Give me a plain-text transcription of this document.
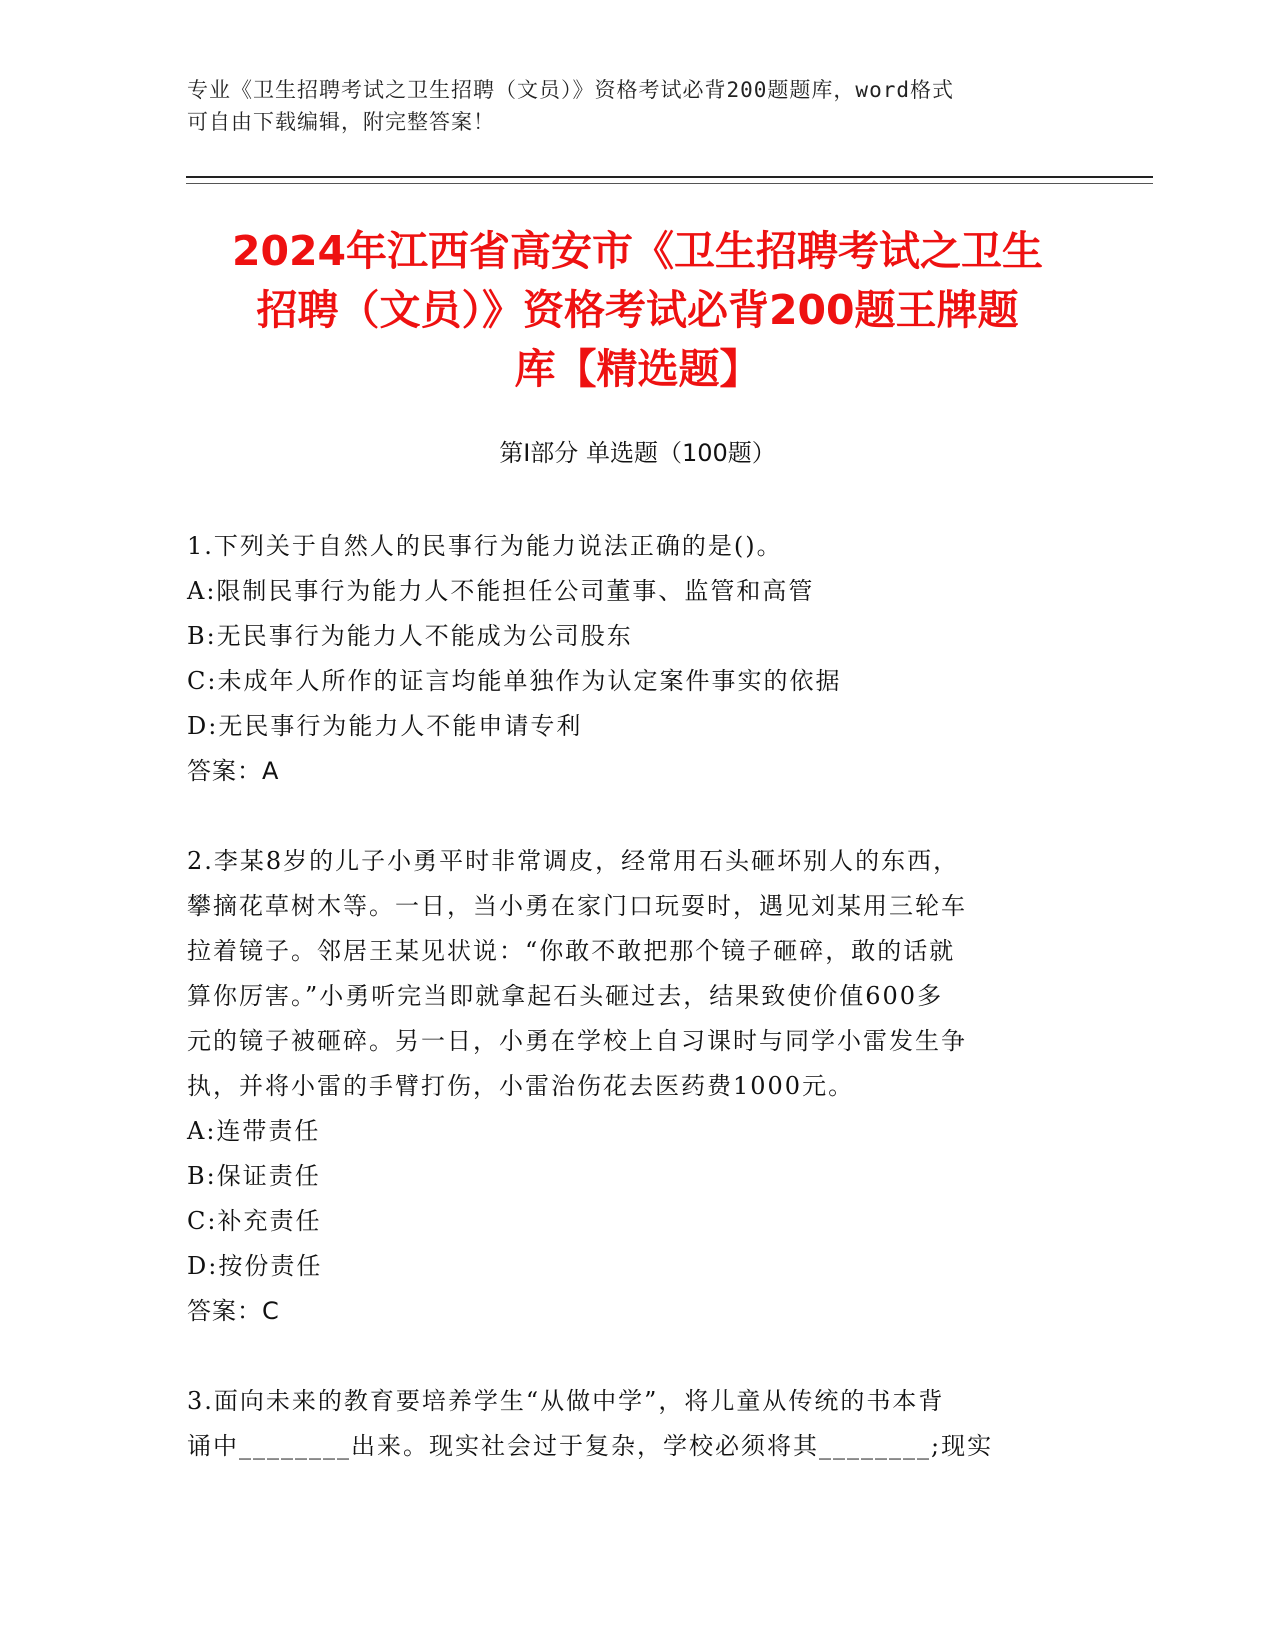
专业《卫生招聘考试之卫生招聘（文员）》资格考试必背200题题库，word格式
可自由下载编辑，附完整答案！
2024年江西省高安市《卫生招聘考试之卫生
招聘（文员）》资格考试必背200题王牌题
库【精选题】
第Ⅰ部分 单选题（100题）
1.下列关于自然人的民事行为能力说法正确的是()。
A:限制民事行为能力人不能担任公司董事、监管和高管
B:无民事行为能力人不能成为公司股东
C:未成年人所作的证言均能单独作为认定案件事实的依据
D:无民事行为能力人不能申请专利
答案：A
2.李某8岁的儿子小勇平时非常调皮，经常用石头砸坏别人的东西，
攀摘花草树木等。一日，当小勇在家门口玩耍时，遇见刘某用三轮车
拉着镜子。邻居王某见状说：“你敢不敢把那个镜子砸碎，敢的话就
算你厉害。”小勇听完当即就拿起石头砸过去，结果致使价值600多
元的镜子被砸碎。另一日，小勇在学校上自习课时与同学小雷发生争
执，并将小雷的手臂打伤，小雷治伤花去医药费1000元。
A:连带责任
B:保证责任
C:补充责任
D:按份责任
答案：C
3.面向未来的教育要培养学生“从做中学”，将儿童从传统的书本背
诵中________出来。现实社会过于复杂，学校必须将其________;现实
